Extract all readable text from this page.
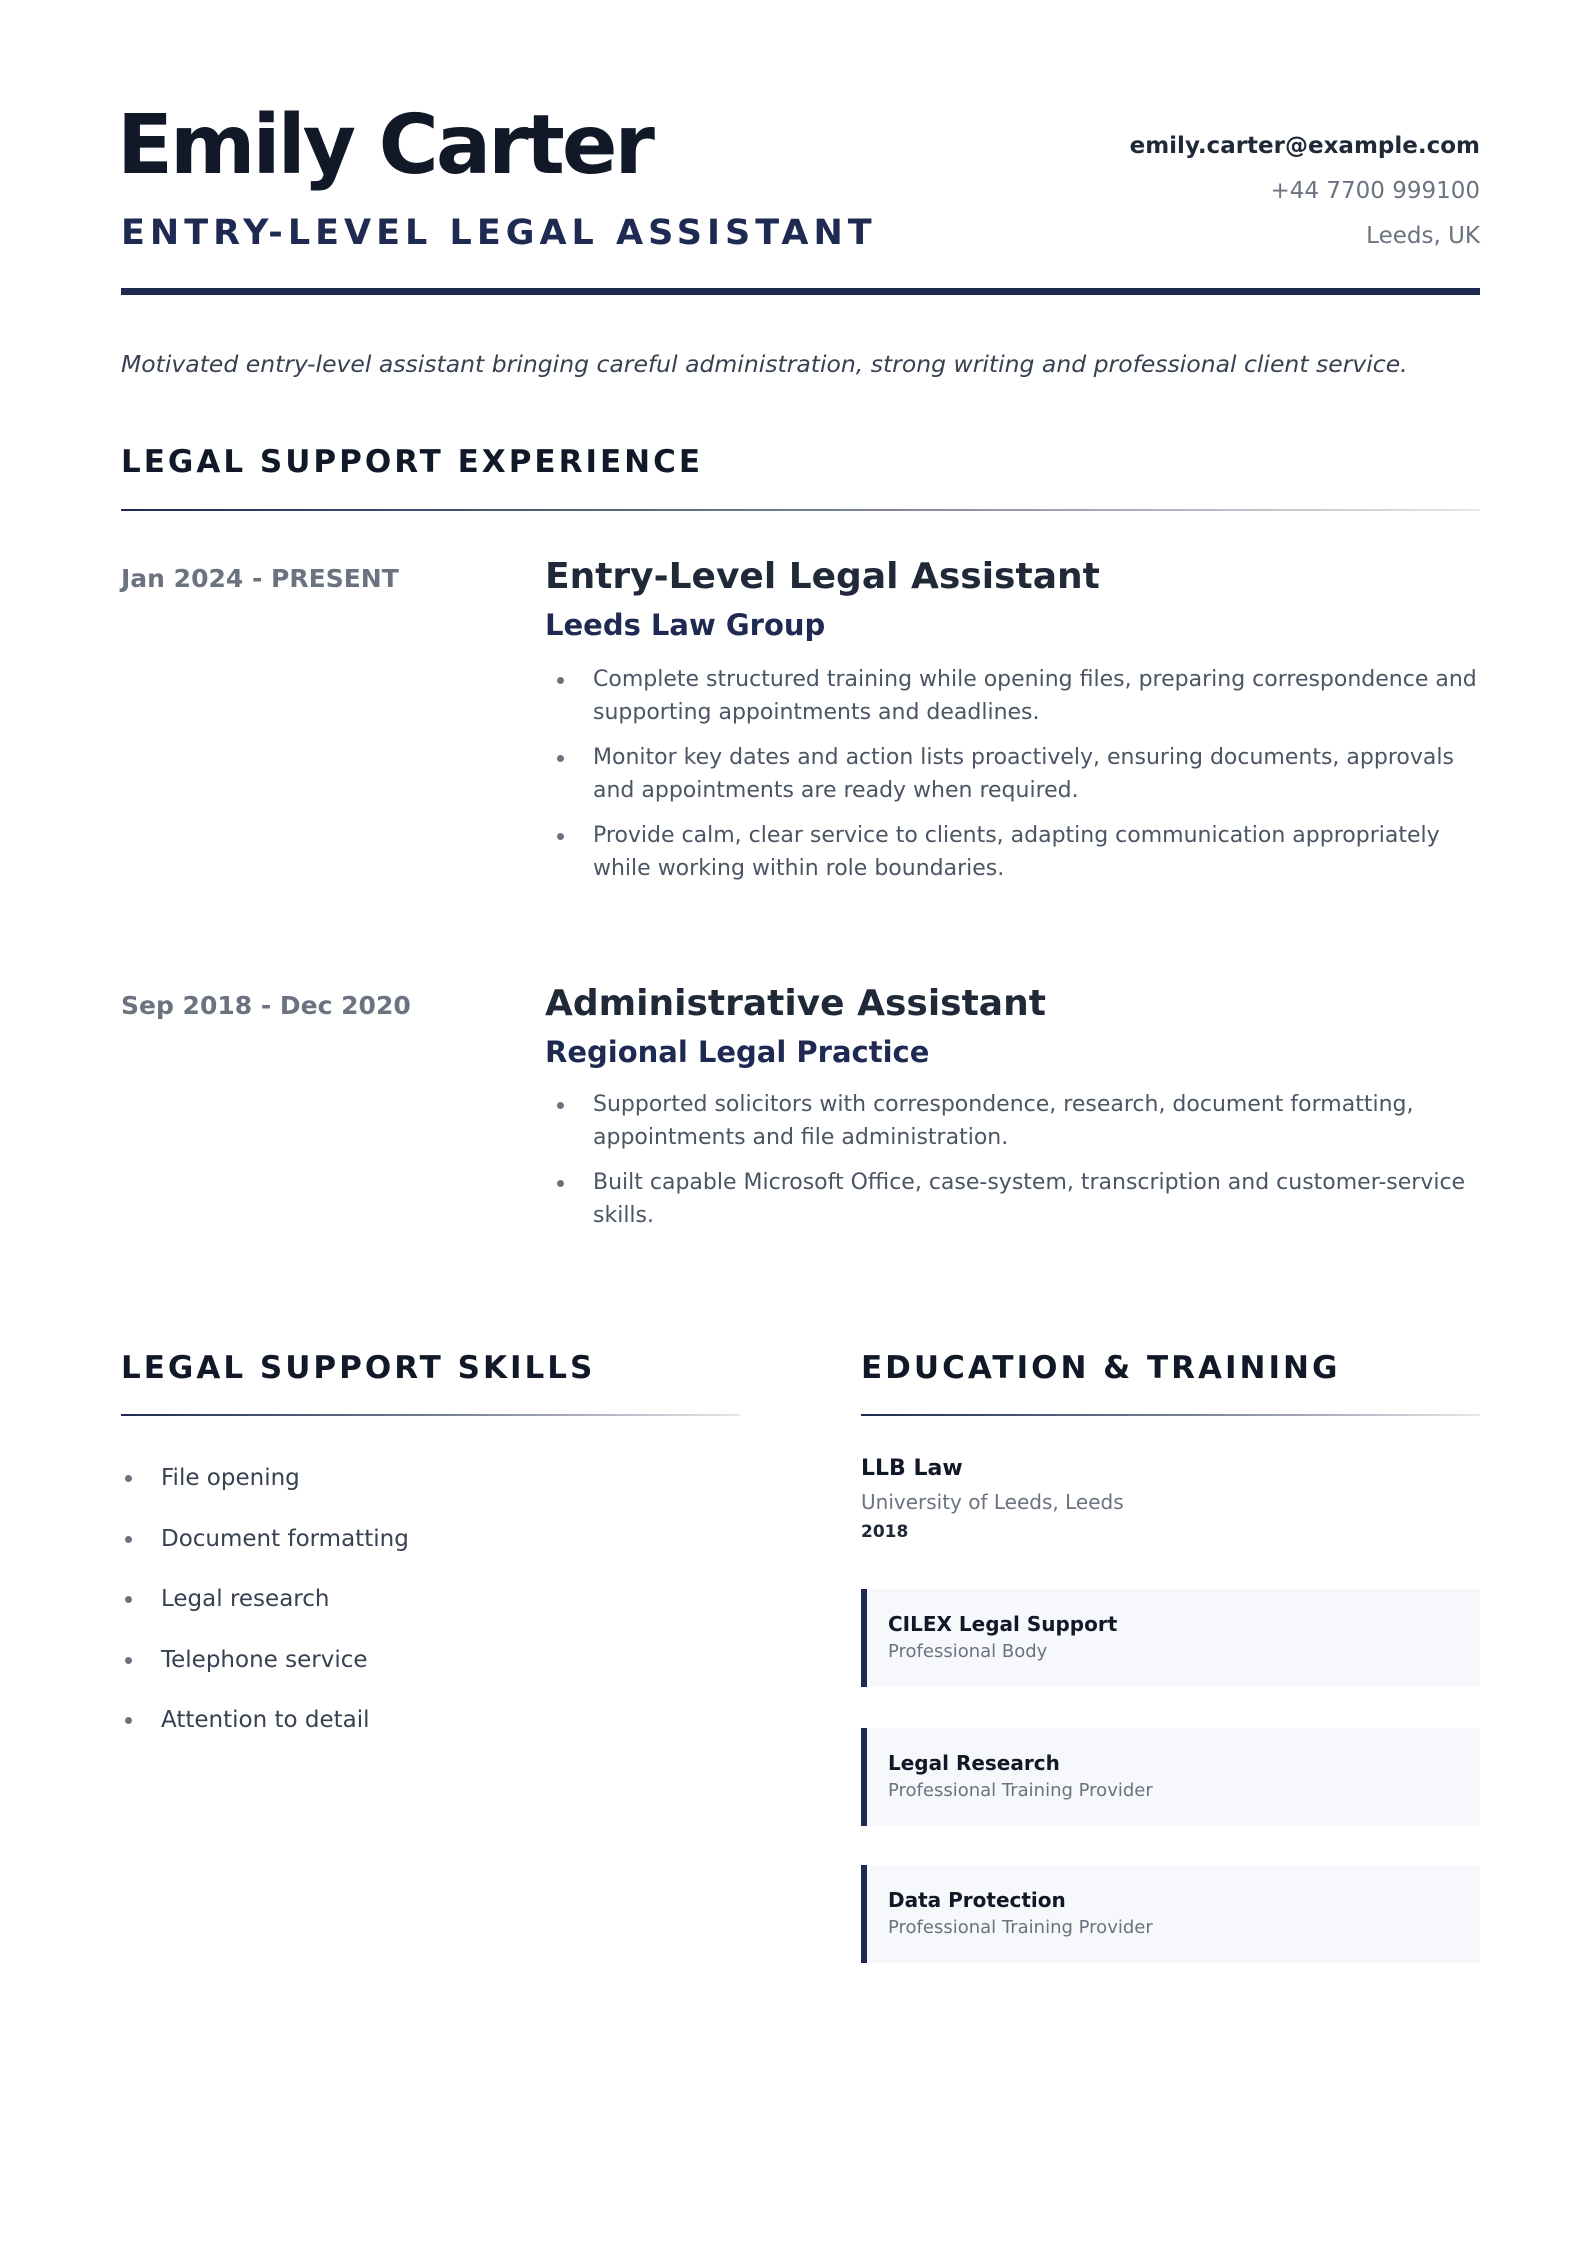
Emily Carter
ENTRY-LEVEL LEGAL ASSISTANT
emily.carter@example.com
+44 7700 999100
Leeds, UK

Motivated entry-level assistant bringing careful administration, strong writing and professional client service.

LEGAL SUPPORT EXPERIENCE
Jan 2024 - PRESENT	Entry-Level Legal Assistant
Leeds Law Group
Complete structured training while opening files, preparing correspondence and supporting appointments and deadlines.
Monitor key dates and action lists proactively, ensuring documents, approvals and appointments are ready when required.
Provide calm, clear service to clients, adapting communication appropriately while working within role boundaries.
Sep 2018 - Dec 2020	Administrative Assistant
Regional Legal Practice
Supported solicitors with correspondence, research, document formatting, appointments and file administration.
Built capable Microsoft Office, case-system, transcription and customer-service skills.
LEGAL SUPPORT SKILLS
File opening
Document formatting
Legal research
Telephone service
Attention to detail
EDUCATION & TRAINING
LLB Law
University of Leeds, Leeds
2018
CILEX Legal Support
Professional Body
Legal Research
Professional Training Provider
Data Protection
Professional Training Provider
